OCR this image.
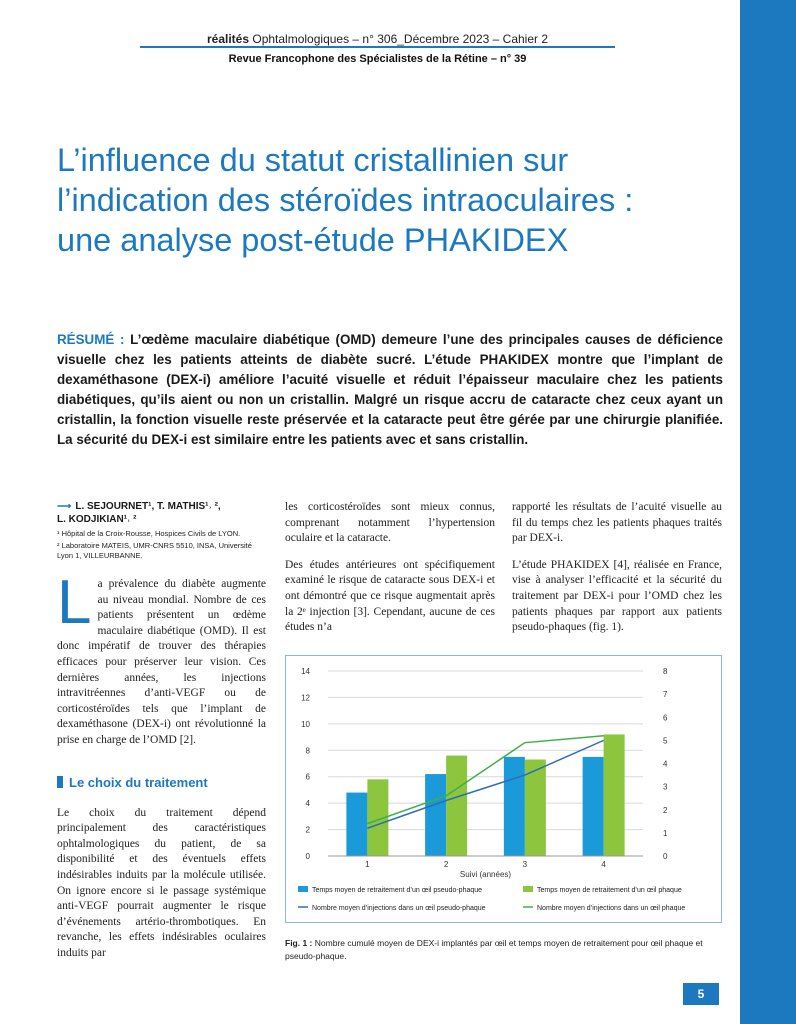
réalités Ophtalmologiques – n° 306_Décembre 2023 – Cahier 2
Revue Francophone des Spécialistes de la Rétine – n° 39
L’influence du statut cristallinien sur
l’indication des stéroïdes intraoculaires :
une analyse post-étude PHAKIDEX

RÉSUMÉ : L’œdème maculaire diabétique (OMD) demeure l’une des principales causes de déficience visuelle chez les patients atteints de diabète sucré. L’étude PHAKIDEX montre que l’implant de dexaméthasone (DEX-i) améliore l’acuité visuelle et réduit l’épaisseur maculaire chez les patients diabétiques, qu’ils aient ou non un cristallin. Malgré un risque accru de cataracte chez ceux ayant un cristallin, la fonction visuelle reste préservée et la cataracte peut être gérée par une chirurgie planifiée. La sécurité du DEX-i est similaire entre les patients avec et sans cristallin.

⟶ L. SEJOURNET¹, T. MATHIS¹˒ ²,
L. KODJIKIAN¹˒ ²

¹ Hôpital de la Croix-Rousse, Hospices Civils de LYON.

² Laboratoire MATEIS, UMR-CNRS 5510, INSA, Université Lyon 1, VILLEURBANNE.

La prévalence du diabète augmente au niveau mondial. Nombre de ces patients présentent un œdème maculaire diabétique (OMD). Il est donc impératif de trouver des thérapies efficaces pour préserver leur vision. Ces dernières années, les injections intravitréennes d’anti-VEGF ou de corticostéroïdes tels que l’implant de dexaméthasone (DEX-i) ont révolutionné la prise en charge de l’OMD [2].

Le choix du traitement

Le choix du traitement dépend principalement des caractéristiques ophtalmologiques du patient, de sa disponibilité et des éventuels effets indésirables induits par la molécule utilisée. On ignore encore si le passage systémique anti-VEGF pourrait augmenter le risque d’événements artério-thrombotiques. En revanche, les effets indésirables oculaires induits par

les corticostéroïdes sont mieux connus, comprenant notamment l’hypertension oculaire et la cataracte.

Des études antérieures ont spécifiquement examiné le risque de cataracte sous DEX-i et ont démontré que ce risque augmentait après la 2ᵉ injection [3]. Cependant, aucune de ces études n’a

rapporté les résultats de l’acuité visuelle au fil du temps chez les patients phaques traités par DEX-i.

L’étude PHAKIDEX [4], réalisée en France, vise à analyser l’efficacité et la sécurité du traitement par DEX-i pour l’OMD chez les patients phaques par rapport aux patients pseudo-phaques (fig. 1).

0
2
4
6
8
10
12
14
0
1
2
3
4
5
6
7
8
1	2	3	4
Suivi (années)
Temps moyen de retraitement d’un œil pseudo-phaque	Temps moyen de retraitement d’un œil phaque
Nombre moyen d’injections dans un œil pseudo-phaque	Nombre moyen d’injections dans un œil phaque

Fig. 1 : Nombre cumulé moyen de DEX-i implantés par œil et temps moyen de retraitement pour œil phaque et pseudo-phaque.

5
